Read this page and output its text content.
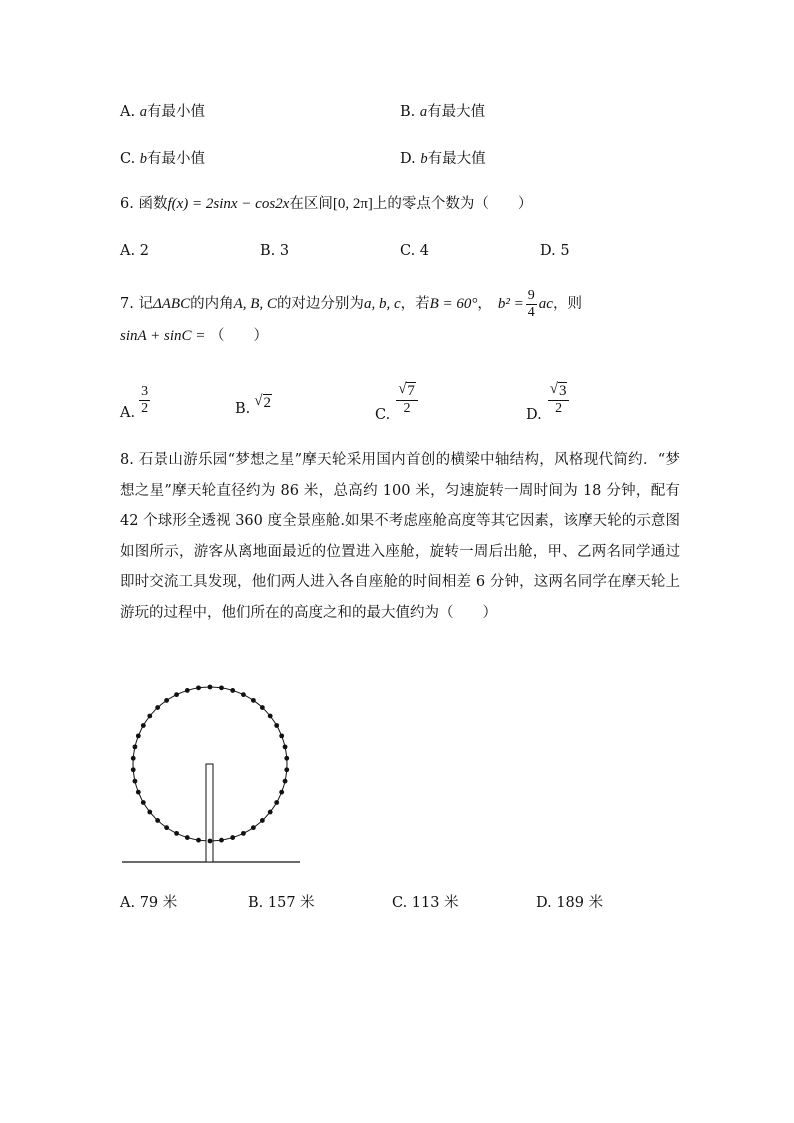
A. a有最小值	B. a有最大值
C. b有最小值	D. b有最大值
6. 函数f(x) = 2sinx − cos2x在区间[0, 2π]上的零点个数为（　　）
A. 2	B. 3	C. 4	D. 5
7.
记 ΔABC 的内角 A, B, C 的对边分别为 a, b, c ，若 B = 60° ， $b^2 = \frac{9}{4}$ ac ，则
sinA + sinC = （　　）
A. $\frac{3}{2}$	B.
√ 2
C. $\frac{√ 7}{2}$	D. $\frac{√ 3}{2}$
8. 石景山游乐园“梦想之星”摩天轮采用国内首创的横梁中轴结构，风格现代简约．“梦想之星”摩天轮直径约为 86 米，总高约 100 米，匀速旋转一周时间为 18 分钟，配有 42 个球形全透视 360 度全景座舱.如果不考虑座舱高度等其它因素，该摩天轮的示意图如图所示，游客从离地面最近的位置进入座舱，旋转一周后出舱，甲、乙两名同学通过即时交流工具发现，他们两人进入各自座舱的时间相差 6 分钟，这两名同学在摩天轮上游玩的过程中，他们所在的高度之和的最大值约为（　　）
A. 79 米	B. 157 米	C. 113 米	D. 189 米
